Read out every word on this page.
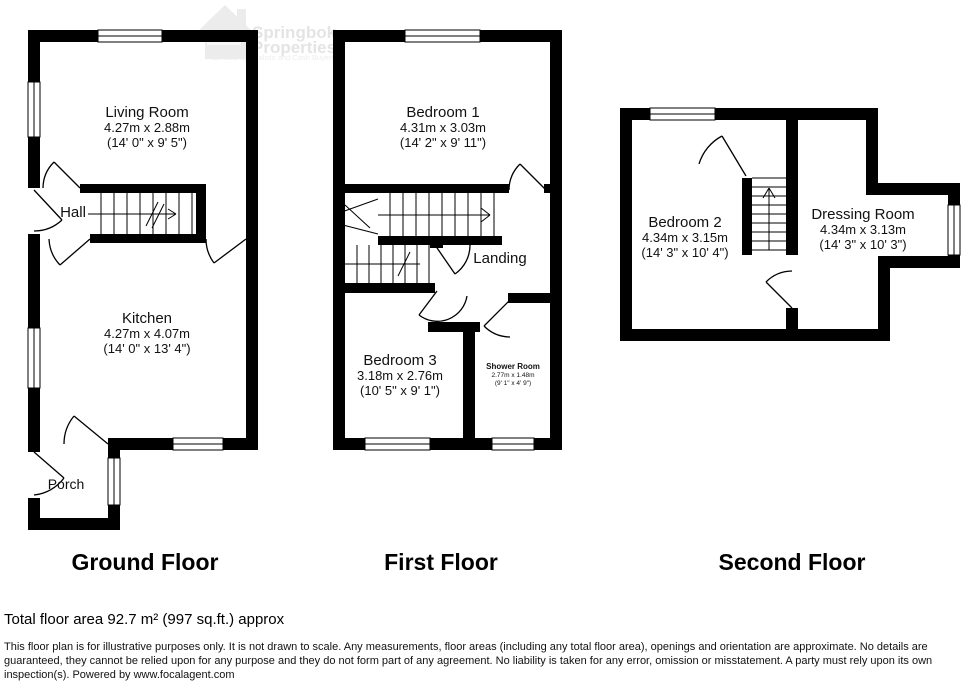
Springbok
Properties
Fast Sale Specialists and Cash Buyers
Living Room
4.27m x 2.88m
(14' 0" x 9' 5")
Hall
Kitchen
4.27m x 4.07m
(14' 0" x 13' 4")
Porch
Bedroom 1
4.31m x 3.03m
(14' 2" x 9' 11")
Landing
Bedroom 3
3.18m x 2.76m
(10' 5" x 9' 1")
Shower Room
2.77m x 1.48m
(9' 1" x 4' 9")
Bedroom 2
4.34m x 3.15m
(14' 3" x 10' 4")
Dressing Room
4.34m x 3.13m
(14' 3" x 10' 3")
Ground Floor	First Floor	Second Floor
Total floor area 92.7 m² (997 sq.ft.) approx
This floor plan is for illustrative purposes only. It is not drawn to scale. Any measurements, floor areas (including any total floor area), openings and orientation are approximate. No details are guaranteed, they cannot be relied upon for any purpose and they do not form part of any agreement. No liability is taken for any error, omission or misstatement. A party must rely upon its own inspection(s). Powered by www.focalagent.com
